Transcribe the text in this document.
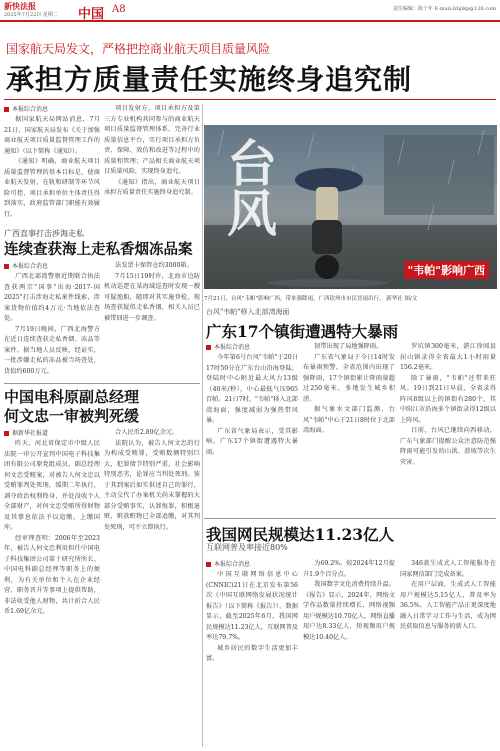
新快法报
2025年7月22日 星期二 中国 A8	责任编辑：陈十年 E-mail:lzbjikp@126.com
国家航天局发文，严格把控商业航天项目质量风险
承担方质量责任实施终身追究制
本报综合消息

据国家航天局网站消息，7月21日，国家航天局发布《关于加强商业航天项目质量监督管理工作的通知》（以下简称《通知》）。

《通知》明确，商业航天项目质量监督管理的基本目标是，使商业航天发射、在轨和研制等环节风险可控，项目承担单位主体责任得到落实，政府监管部门职能有效履行。

项目发射方、项目承担方及第三方专业机构共同参与的商业航天项目质量监督管理体系，完善行业质量信息平台，实行项目承担方负责、保障、效仿和改进等过程中的质量和管理；产品相关商业航天项目质量风险，实现终身追究。

《通知》指出，商业航天项目承担方质量责任实施终身追究制。

广西直事打击涉海走私
连续查获海上走私香烟冻品案
本报综合消息

广西北部湾警察近期联合执法查获两宗"国事"出海·2017-国2025"打击涉海走私案件线索，涉案货物价值约4万元·当地依法查处。

7月19日晚间，广西北海警方在近日连续查获走私香烟、冻品等案件，据当地人员反映，经证实，一批涉嫌走私的冻品被当场查处，货值约600万元。

法发票卡保管仓约3000箱。

7月15日19时许，北海市边防机动巡逻在某海域巡查时发现一艘可疑渔船，随即对其实施登检，现场查获疑似走私香烟，相关人员已被带回进一步调查。

中国电科原副总经理
何文忠一审被判死缓
据新华社报道

昨天，河北省保定市中级人民法院一审公开宣判中国电子科技集团有限公司原党组成员、副总经理何文忠受贿案，对被告人何文忠以受贿罪判处死刑，缓期二年执行，剥夺政治权利终身，并处没收个人全部财产，对何文忠受贿所得财物及其孳息依法予以追缴，上缴国库。

经审理查明：2006年至2023年，被告人何文忠利用担任中国电子科技集团公司第十研究所所长、中国电科副总经理等职务上的便利，为有关单位和个人在企业经营、职务晋升等事项上提供帮助，非法收受他人财物，共计折合人民币1.69亿余元。

合人民币2.89亿余元。

法院认为，被告人何文忠的行为构成受贿罪，受贿数额特别巨大，犯罪情节特别严重，社会影响特别恶劣，论罪应当判处死刑。鉴于其到案后如实供述自己的罪行，主动交代了办案机关尚未掌握的大部分受贿事实，认罪悔罪，积极退赃，赃款赃物已全部追缴，对其判处死刑，可不立即执行。

台风
"韦帕"影响广西
7月21日，台风"韦帕"影响广西，带来强降雨，广西钦州市市民冒雨出行。 新华社 图/文
台风"韦帕"移入北部湾海面
广东17个镇街遭遇特大暴雨
本报综合消息

今年第6号台风"韦帕"于20日17时50分在广东台山沿海登陆，登陆时中心附近最大风力13级（40米/秒），中心最低气压965百帕。21日7时，"韦帕"移入北部湾海面，强度减弱为强热带风暴。

广东省气象局表示，受其影响，广东17个镇街遭遇特大暴雨。

韧带出现了局地强降雨。

广东省气象局于今日14时发布暴雨预警，全省范围内出现了强降雨，17个镇街累计降雨量超过250毫米，多地发生城乡积涝。

据气象水文部门监测，台风"韦帕"中心于21日8时位于北部湾海面。

罗坑镇300毫米，湛江徐闻县屈山镇录得全省最大1小时雨量156.2毫米。

除了暴雨，"韦帕"还带来狂风。19日到21日早晨，全省录得阵风8级以上的镇街有280个，其中阳江市沿海多个镇街录得12级以上阵风。

目前，台风已继续向西移动，广东气象部门提醒公众注意防范强降雨可能引发的山洪、滑坡等次生灾害。

我国网民规模达11.23亿人
互联网普及率接近80%
本报综合消息

中国互联网络信息中心(CNNIC)21日在北京发布第56次《中国互联网络发展状况统计报告》（以下简称《报告》）。数据显示，截至2025年6月，我国网民规模达11.23亿人，互联网普及率达79.7%。

城乡居民的数字生活更加丰富。

为69.2%。较2024年12月提升1.9个百分点。

我国数字文化消费持续升温。《报告》显示，2024年，网络文学作品数量持续增长，网络视频用户规模达10.70亿人，网络直播用户达8.33亿人，短视频用户规模达10.40亿人。

346款生成式人工智能服务在国家网信部门完成备案。

在用户层面，生成式人工智能用户规模达5.15亿人，普及率为36.5%，人工智能产品正更深度地融入日常学习工作与生活，成为网民获取信息与服务的新入口。
